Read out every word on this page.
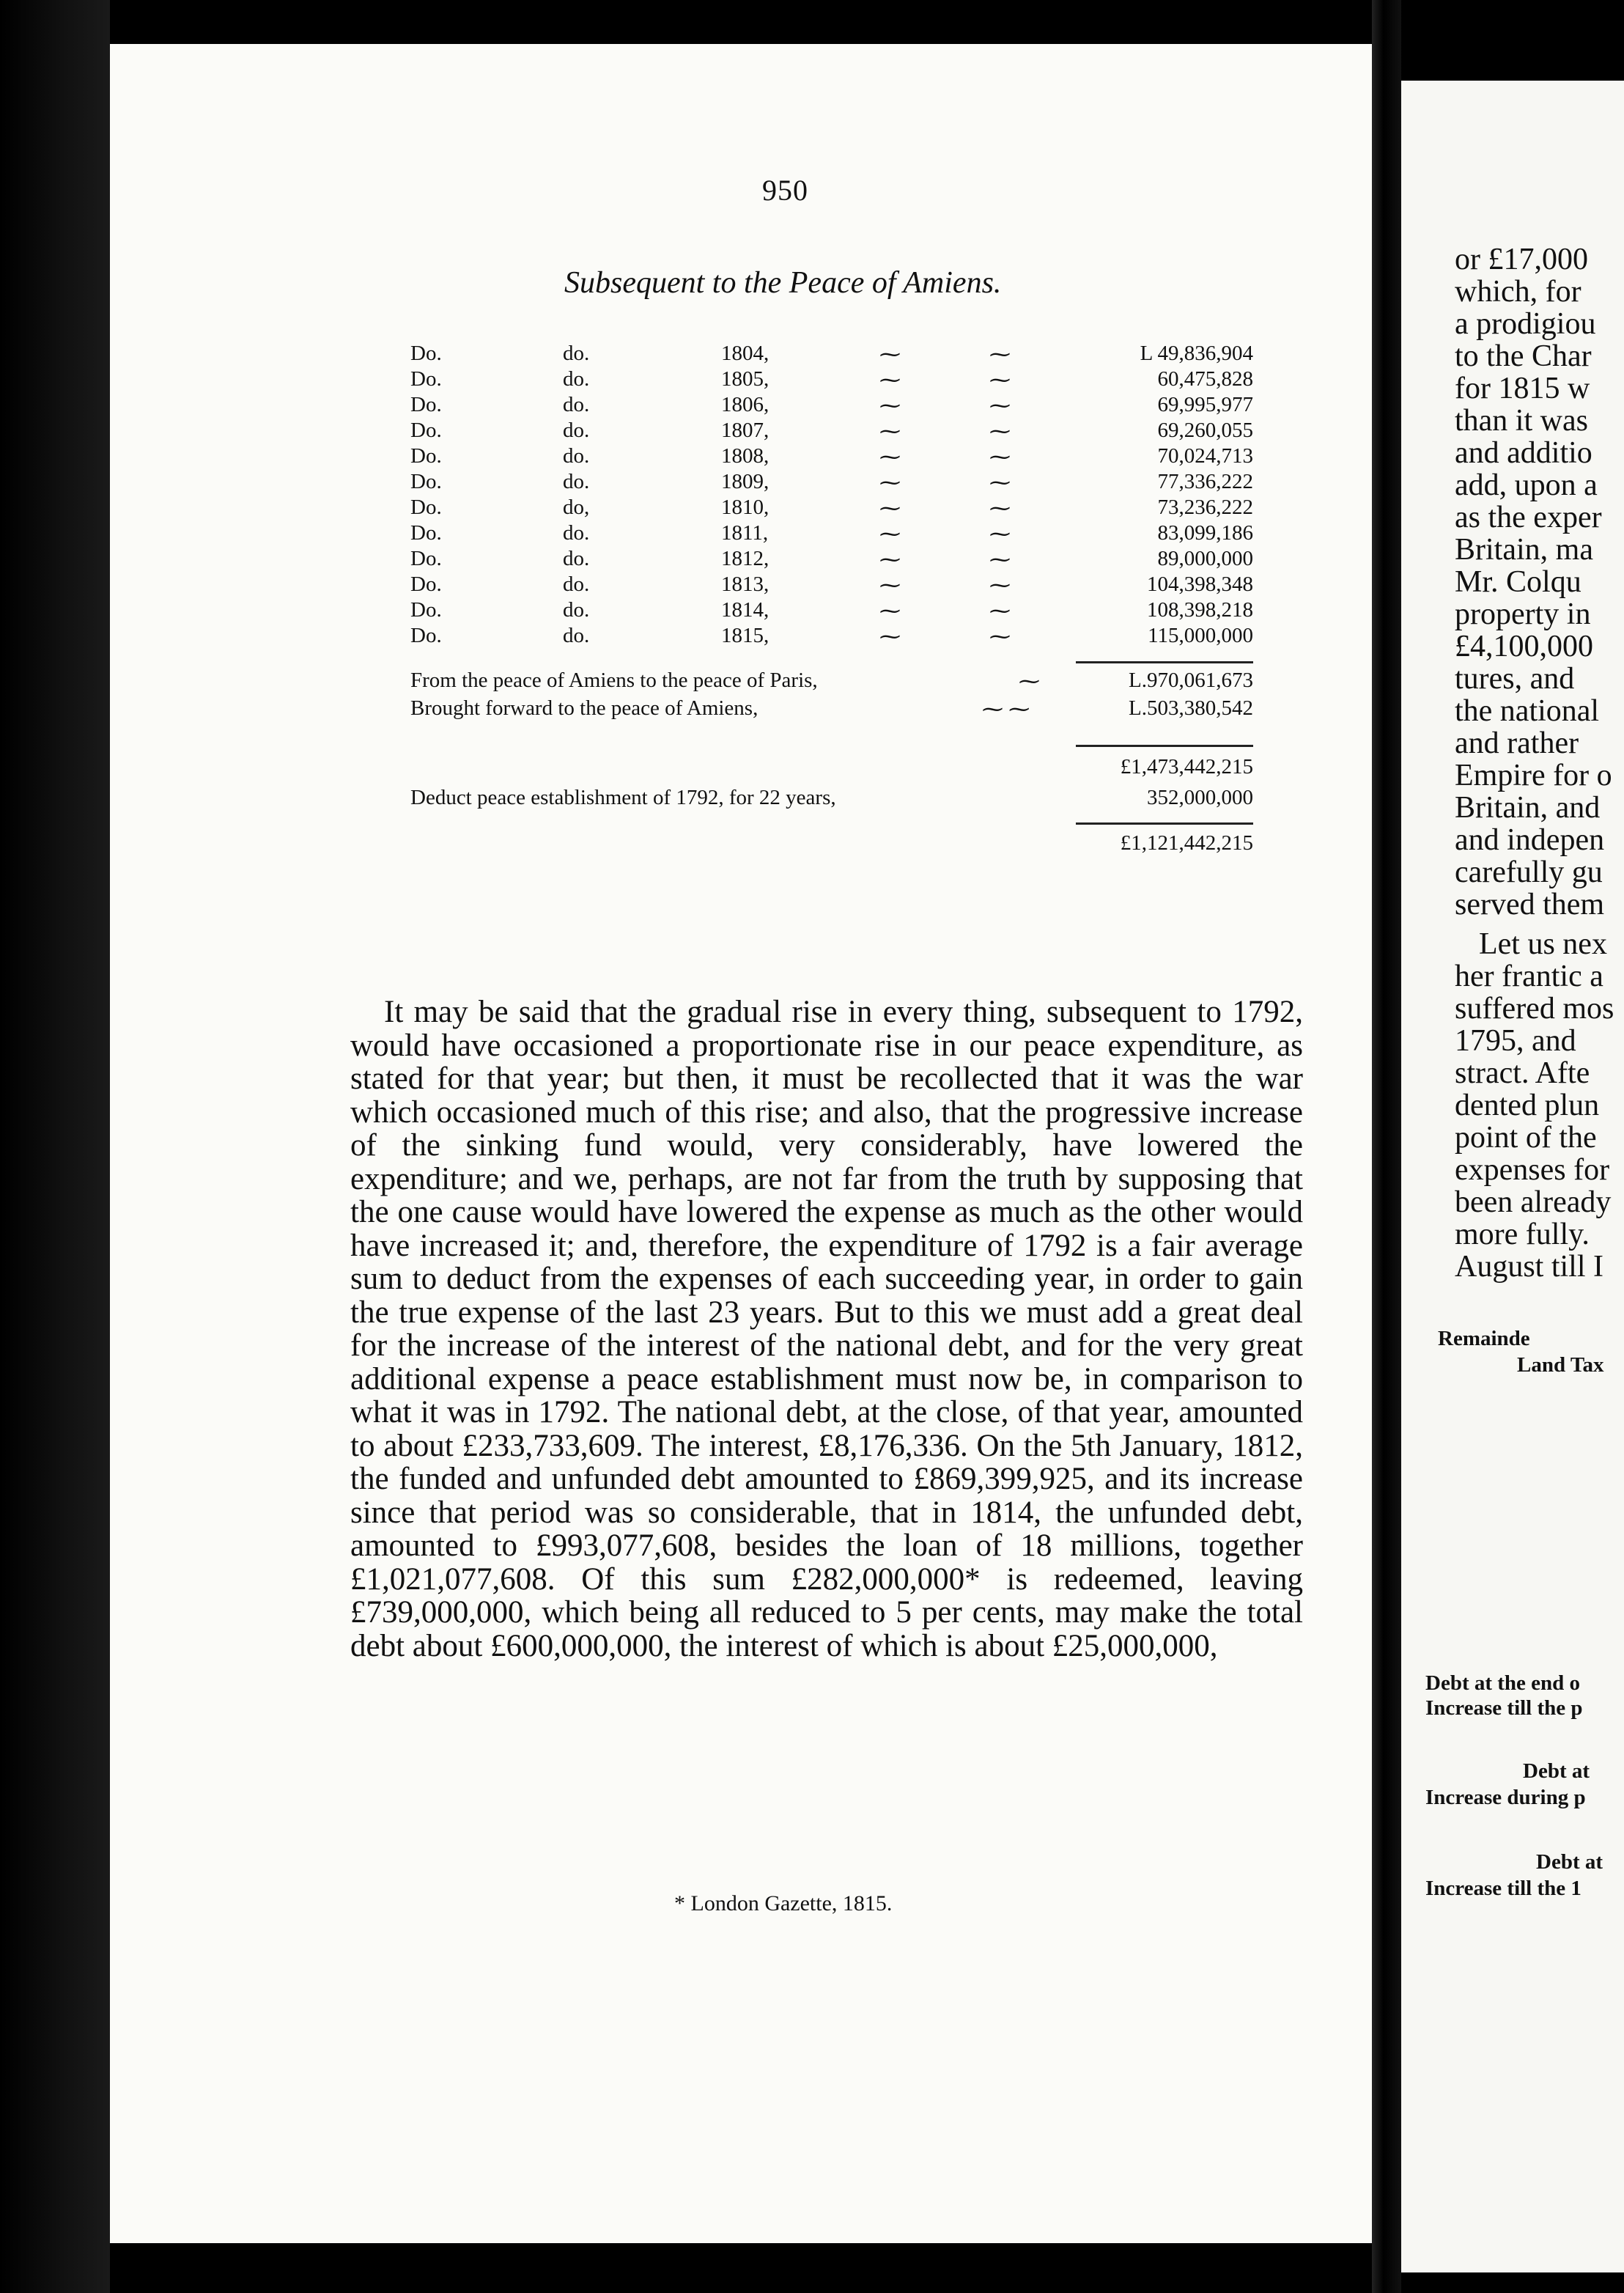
950
Subsequent to the Peace of Amiens.
Do.	do.	1804,	⁓	⁓	L 49,836,904
Do.	do.	1805,	⁓	⁓	60,475,828
Do.	do.	1806,	⁓	⁓	69,995,977
Do.	do.	1807,	⁓	⁓	69,260,055
Do.	do.	1808,	⁓	⁓	70,024,713
Do.	do.	1809,	⁓	⁓	77,336,222
Do.	do,	1810,	⁓	⁓	73,236,222
Do.	do.	1811,	⁓	⁓	83,099,186
Do.	do.	1812,	⁓	⁓	89,000,000
Do.	do.	1813,	⁓	⁓	104,398,348
Do.	do.	1814,	⁓	⁓	108,398,218
Do.	do.	1815,	⁓	⁓	115,000,000
From the peace of Amiens to the peace of Paris,	⁓	L.970,061,673
Brought forward to the peace of Amiens,	⁓ ⁓	L.503,380,542
£1,473,442,215
Deduct peace establishment of 1792, for 22 years,	352,000,000
£1,121,442,215

It may be said that the gradual rise in every thing, subsequent to 1792, would have occasioned a proportionate rise in our peace expenditure, as stated for that year; but then, it must be recollected that it was the war which occasioned much of this rise; and also, that the progressive increase of the sinking fund would, very considerably, have lowered the expenditure; and we, perhaps, are not far from the truth by supposing that the one cause would have lowered the expense as much as the other would have increased it; and, therefore, the expenditure of 1792 is a fair average sum to deduct from the expenses of each succeeding year, in order to gain the true expense of the last 23 years. But to this we must add a great deal for the increase of the interest of the national debt, and for the very great additional expense a peace establishment must now be, in comparison to what it was in 1792. The national debt, at the close, of that year, amounted to about £233,733,609. The interest, £8,176,336. On the 5th January, 1812, the funded and unfunded debt amounted to £869,399,925, and its increase since that period was so considerable, that in 1814, the unfunded debt, amounted to £993,077,608, besides the loan of 18 millions, together £1,021,077,608. Of this sum £282,000,000* is redeemed, leaving £739,000,000, which being all reduced to 5 per cents, may make the total debt about £600,000,000, the interest of which is about £25,000,000,

* London Gazette, 1815.
or £17,000
which, for
a prodigiou
to the Char
for 1815 w
than it was
and additio
add, upon a
as the exper
Britain, ma
Mr. Colqu
property in
£4,100,000
tures, and
the national
and rather
Empire for o
Britain, and
and indepen
carefully gu
served them
Let us nex
her frantic a
suffered mos
1795, and
stract. Afte
dented plun
point of the
expenses for
been already
more fully.
August till I
Remainde
Land Tax
Debt at the end o
Increase till the p
Debt at
Increase during p
Debt at
Increase till the 1
